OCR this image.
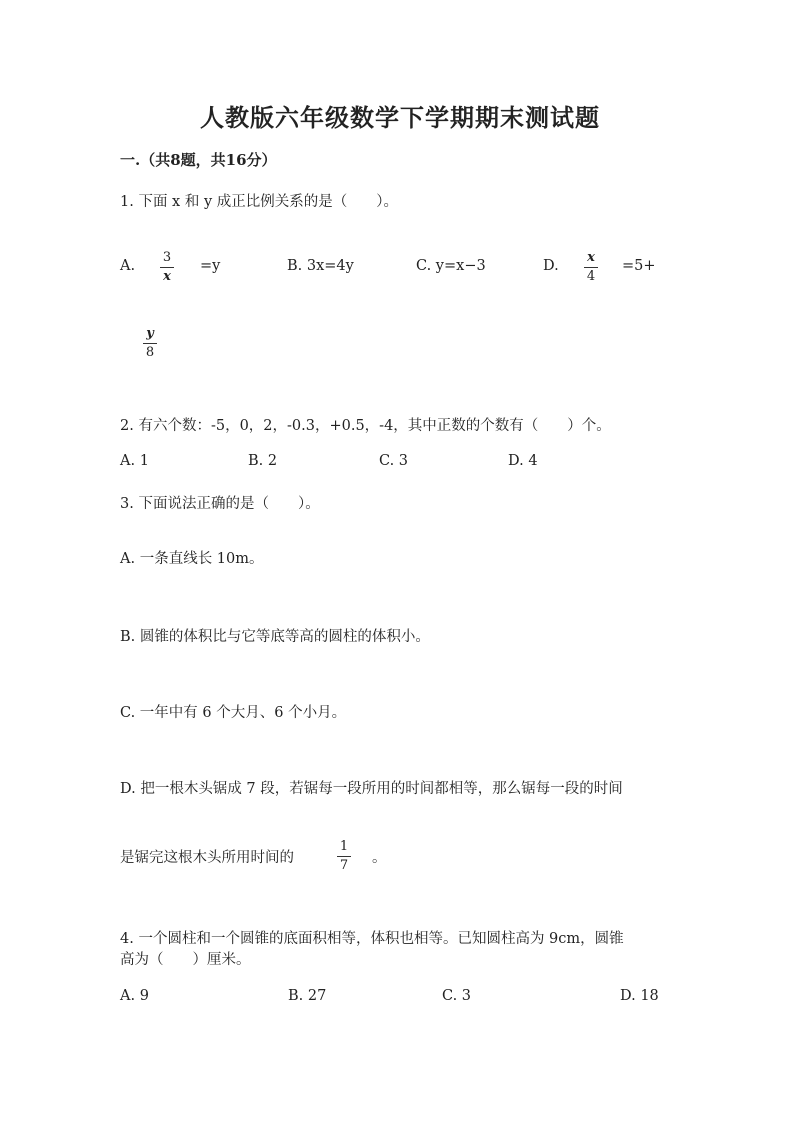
人教版六年级数学下学期期末测试题
一.（共8题，共16分）
1. 下面 x 和 y 成正比例关系的是（　　）。
A.
3
x
=y	B. 3x=4y	C. y=x−3	D.
x
4
=5+
y
8
2. 有六个数：-5，0，2，-0.3，+0.5，-4，其中正数的个数有（　　）个。
A. 1	B. 2	C. 3	D. 4
3. 下面说法正确的是（　　）。
A. 一条直线长 10m。
B. 圆锥的体积比与它等底等高的圆柱的体积小。
C. 一年中有 6 个大月、6 个小月。
D. 把一根木头锯成 7 段，若锯每一段所用的时间都相等，那么锯每一段的时间
是锯完这根木头所用时间的
1
7 。
4. 一个圆柱和一个圆锥的底面积相等，体积也相等。已知圆柱高为 9cm，圆锥
高为（　　）厘米。
A. 9	B. 27	C. 3	D. 18
